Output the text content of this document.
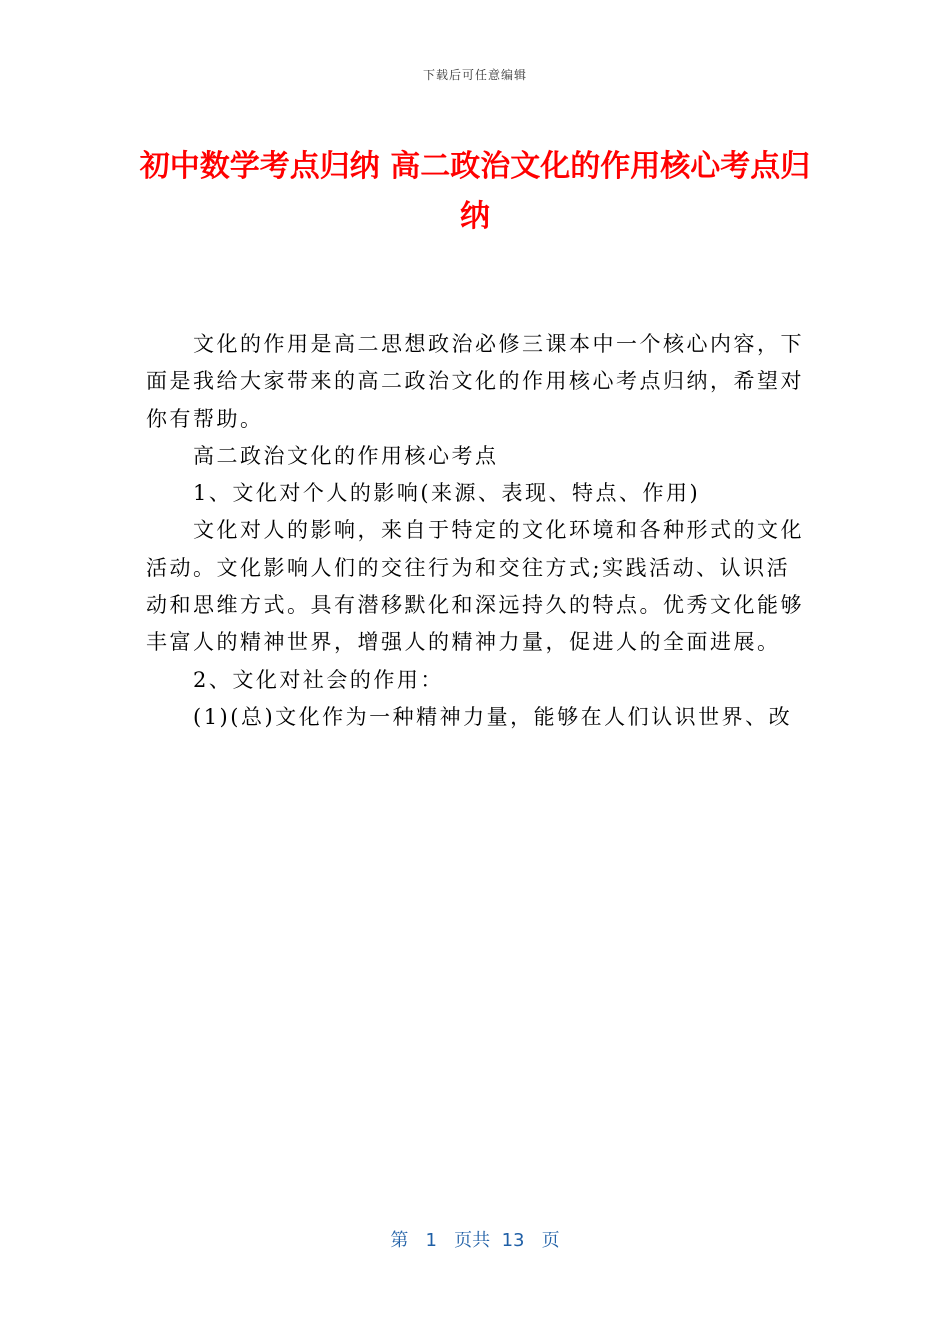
下载后可任意编辑
初中数学考点归纳 高二政治文化的作用核心考点归纳

文化的作用是高二思想政治必修三课本中一个核心内容，下面是我给大家带来的高二政治文化的作用核心考点归纳，希望对你有帮助。

高二政治文化的作用核心考点

1、文化对个人的影响(来源、表现、特点、作用)

文化对人的影响，来自于特定的文化环境和各种形式的文化活动。文化影响人们的交往行为和交往方式;实践活动、认识活动和思维方式。具有潜移默化和深远持久的特点。优秀文化能够丰富人的精神世界，增强人的精神力量，促进人的全面进展。

2、文化对社会的作用：

(1)(总)文化作为一种精神力量，能够在人们认识世界、改

第 1 页共 13 页
